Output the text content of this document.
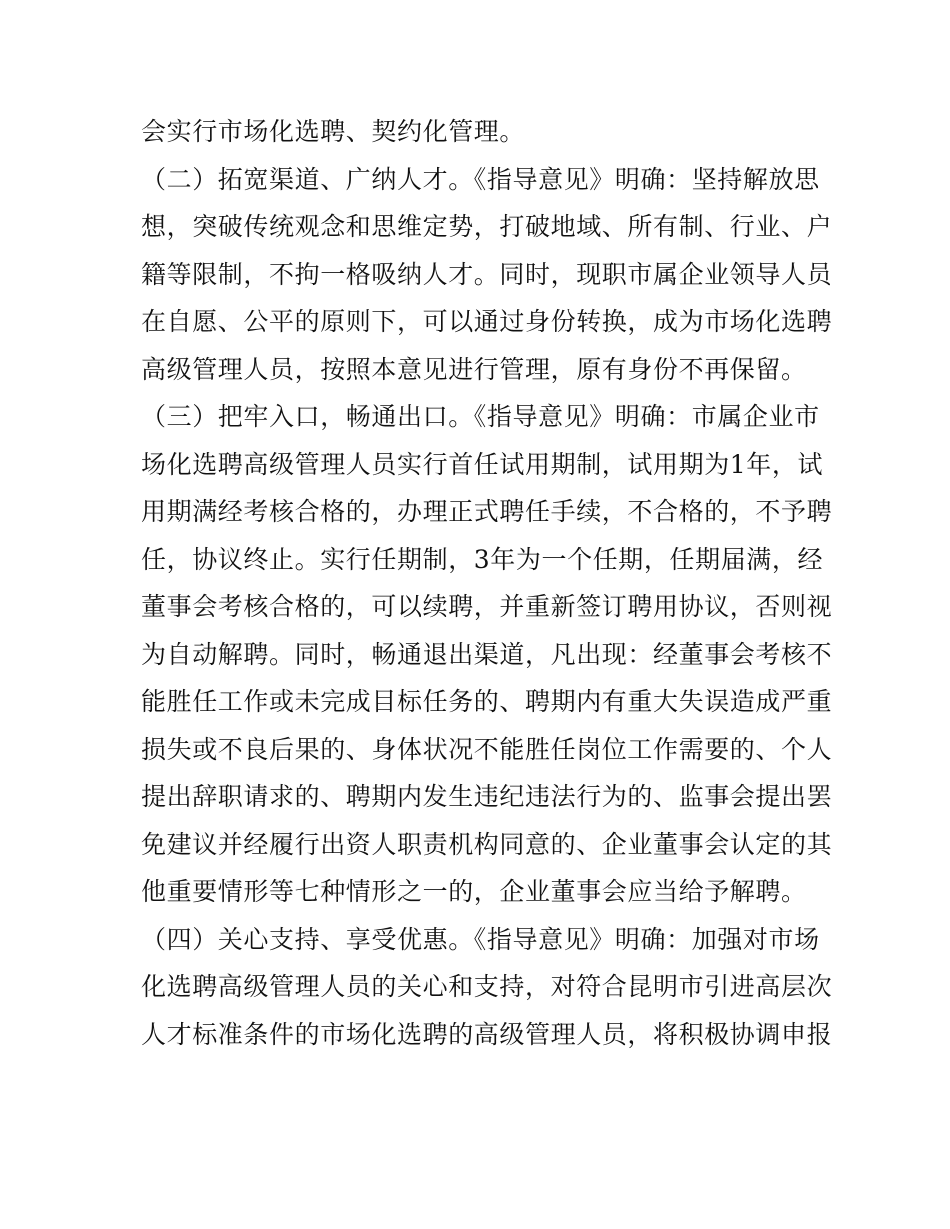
会实行市场化选聘、契约化管理。
（二）拓宽渠道、广纳人才。《指导意见》明确：坚持解放思
想，突破传统观念和思维定势，打破地域、所有制、行业、户
籍等限制，不拘一格吸纳人才。同时，现职市属企业领导人员
在自愿、公平的原则下，可以通过身份转换，成为市场化选聘
高级管理人员，按照本意见进行管理，原有身份不再保留。
（三）把牢入口，畅通出口。《指导意见》明确：市属企业市
场化选聘高级管理人员实行首任试用期制，试用期为1年，试
用期满经考核合格的，办理正式聘任手续，不合格的，不予聘
任，协议终止。实行任期制，3年为一个任期，任期届满，经
董事会考核合格的，可以续聘，并重新签订聘用协议，否则视
为自动解聘。同时，畅通退出渠道，凡出现：经董事会考核不
能胜任工作或未完成目标任务的、聘期内有重大失误造成严重
损失或不良后果的、身体状况不能胜任岗位工作需要的、个人
提出辞职请求的、聘期内发生违纪违法行为的、监事会提出罢
免建议并经履行出资人职责机构同意的、企业董事会认定的其
他重要情形等七种情形之一的，企业董事会应当给予解聘。
（四）关心支持、享受优惠。《指导意见》明确：加强对市场
化选聘高级管理人员的关心和支持，对符合昆明市引进高层次
人才标准条件的市场化选聘的高级管理人员，将积极协调申报
